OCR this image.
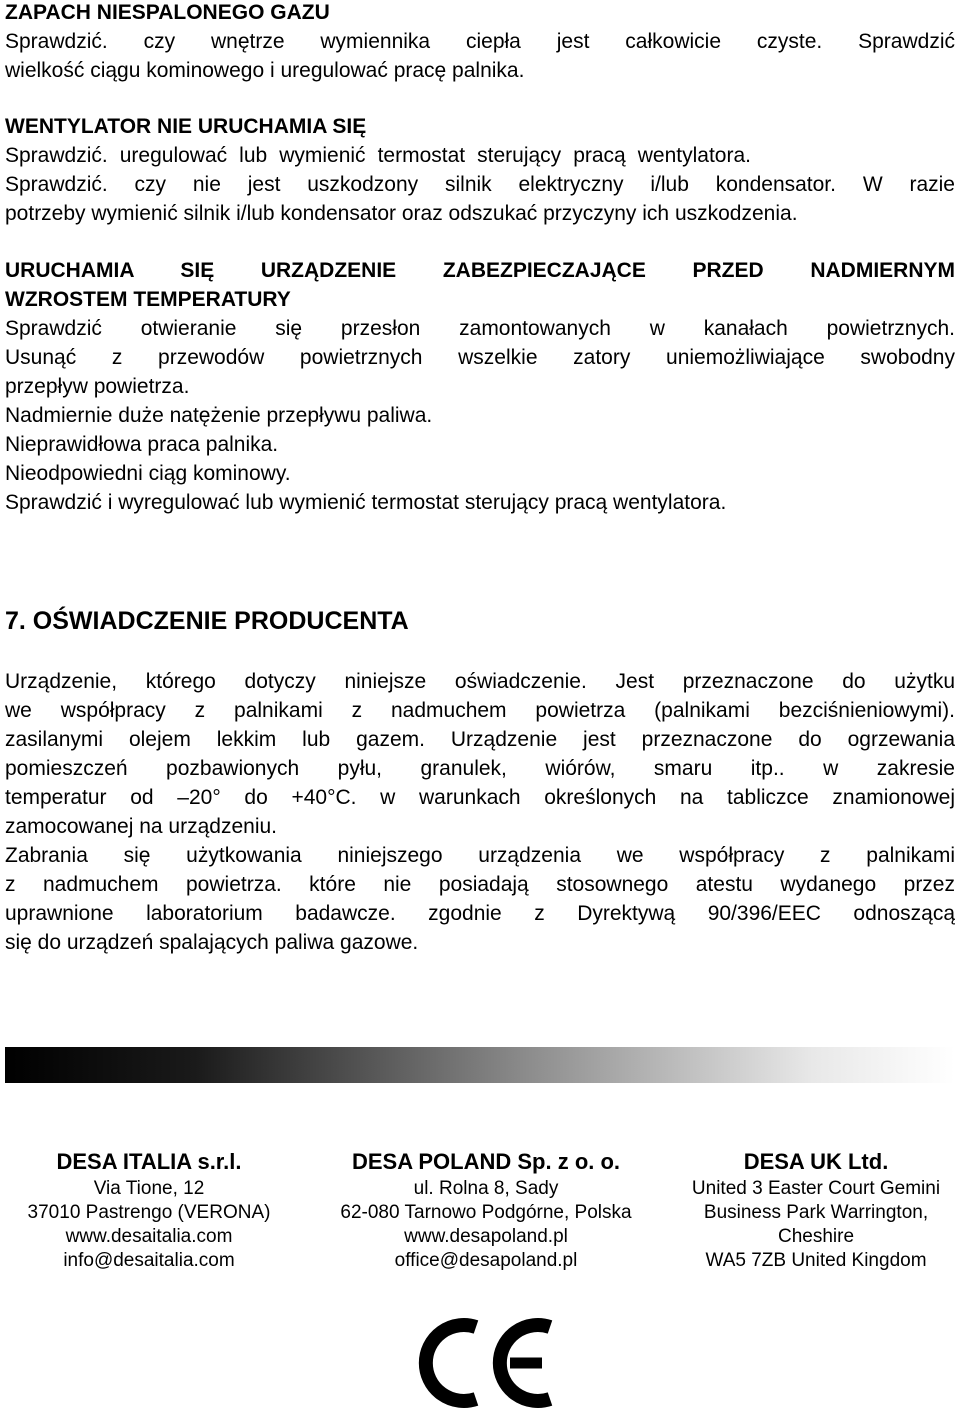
ZAPACH NIESPALONEGO GAZU
Sprawdzić. czy wnętrze wymiennika ciepła jest całkowicie czyste. Sprawdzić
wielkość ciągu kominowego i uregulować pracę palnika.
WENTYLATOR NIE URUCHAMIA SIĘ
Sprawdzić. uregulować lub wymienić termostat sterujący pracą wentylatora.
Sprawdzić. czy nie jest uszkodzony silnik elektryczny i/lub kondensator. W razie
potrzeby wymienić silnik i/lub kondensator oraz odszukać przyczyny ich uszkodzenia.
URUCHAMIA SIĘ URZĄDZENIE ZABEZPIECZAJĄCE PRZED NADMIERNYM
WZROSTEM TEMPERATURY
Sprawdzić otwieranie się przesłon zamontowanych w kanałach powietrznych.
Usunąć z przewodów powietrznych wszelkie zatory uniemożliwiające swobodny
przepływ powietrza.
Nadmiernie duże natężenie przepływu paliwa.
Nieprawidłowa praca palnika.
Nieodpowiedni ciąg kominowy.
Sprawdzić i wyregulować lub wymienić termostat sterujący pracą wentylatora.
7. OŚWIADCZENIE PRODUCENTA
Urządzenie, którego dotyczy niniejsze oświadczenie. Jest przeznaczone do użytku
we współpracy z palnikami z nadmuchem powietrza (palnikami bezciśnieniowymi).
zasilanymi olejem lekkim lub gazem. Urządzenie jest przeznaczone do ogrzewania
pomieszczeń pozbawionych pyłu, granulek, wiórów, smaru itp.. w zakresie
temperatur od –20° do +40°C. w warunkach określonych na tabliczce znamionowej
zamocowanej na urządzeniu.
Zabrania się użytkowania niniejszego urządzenia we współpracy z palnikami
z nadmuchem powietrza. które nie posiadają stosownego atestu wydanego przez
uprawnione laboratorium badawcze. zgodnie z Dyrektywą 90/396/EEC odnoszącą
się do urządzeń spalających paliwa gazowe.
DESA ITALIA s.r.l.
Via Tione, 12
37010 Pastrengo (VERONA)
www.desaitalia.com
info@desaitalia.com
DESA POLAND Sp. z o. o.
ul. Rolna 8, Sady
62-080 Tarnowo Podgórne, Polska
www.desapoland.pl
office@desapoland.pl
DESA UK Ltd.
United 3 Easter Court Gemini
Business Park Warrington,
Cheshire
WA5 7ZB United Kingdom
